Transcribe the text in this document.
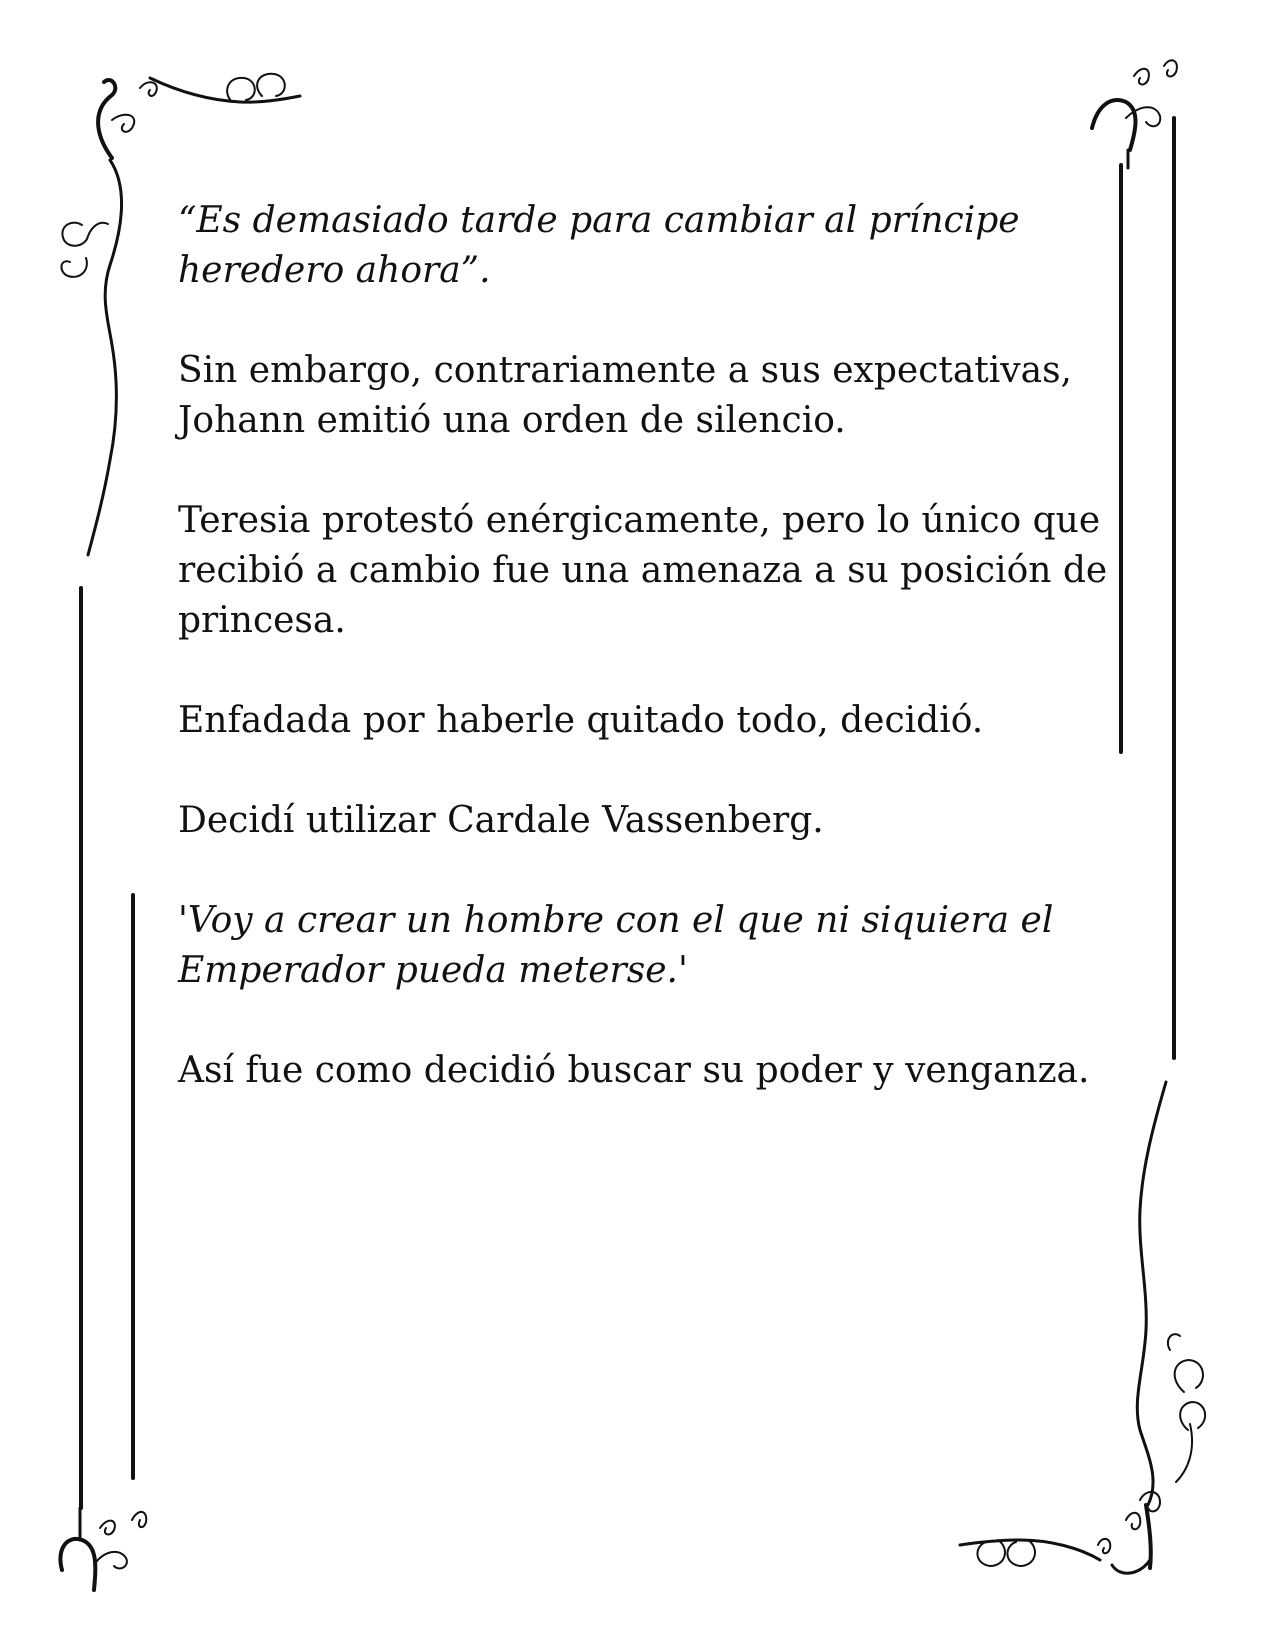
“Es demasiado tarde para cambiar al príncipe heredero ahora”.

Sin embargo, contrariamente a sus expectativas, Johann emitió una orden de silencio.

Teresia protestó enérgicamente, pero lo único que recibió a cambio fue una amenaza a su posición de princesa.

Enfadada por haberle quitado todo, decidió.

Decidí utilizar Cardale Vassenberg.

'Voy a crear un hombre con el que ni siquiera el Emperador pueda meterse.'

Así fue como decidió buscar su poder y venganza.
